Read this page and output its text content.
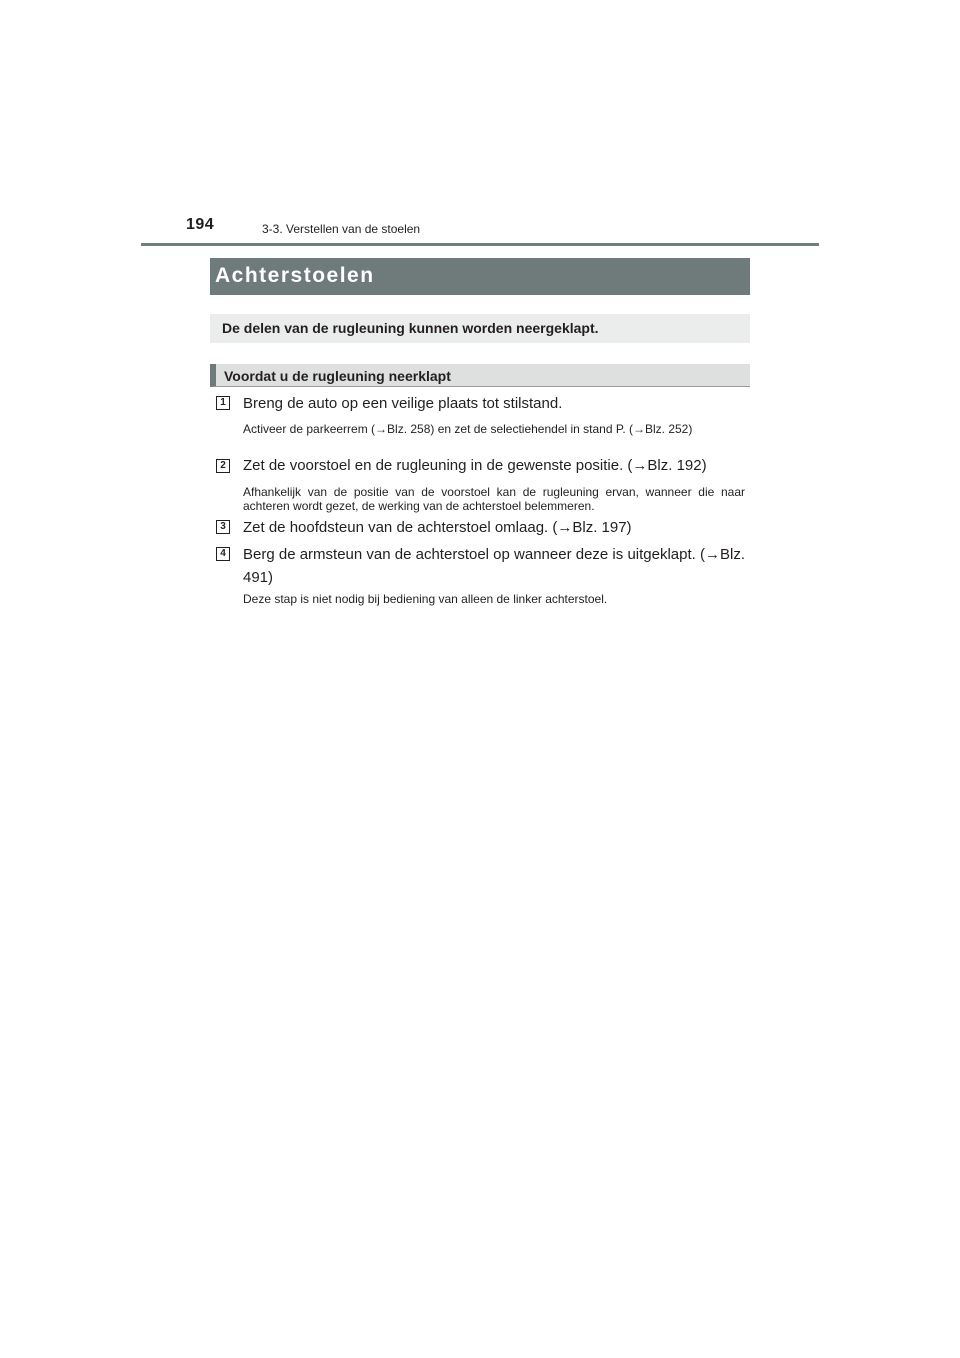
194	3-3. Verstellen van de stoelen
Achterstoelen
De delen van de rugleuning kunnen worden neergeklapt.
Voordat u de rugleuning neerklapt
1 Breng de auto op een veilige plaats tot stilstand.
Activeer de parkeerrem (→Blz. 258) en zet de selectiehendel in stand P. (→Blz. 252)
2 Zet de voorstoel en de rugleuning in de gewenste positie. (→Blz. 192)
Afhankelijk van de positie van de voorstoel kan de rugleuning ervan, wanneer die naar achteren wordt gezet, de werking van de achterstoel belemmeren.
3 Zet de hoofdsteun van de achterstoel omlaag. (→Blz. 197)
4 Berg de armsteun van de achterstoel op wanneer deze is uitgeklapt. (→Blz. 491)
Deze stap is niet nodig bij bediening van alleen de linker achterstoel.
